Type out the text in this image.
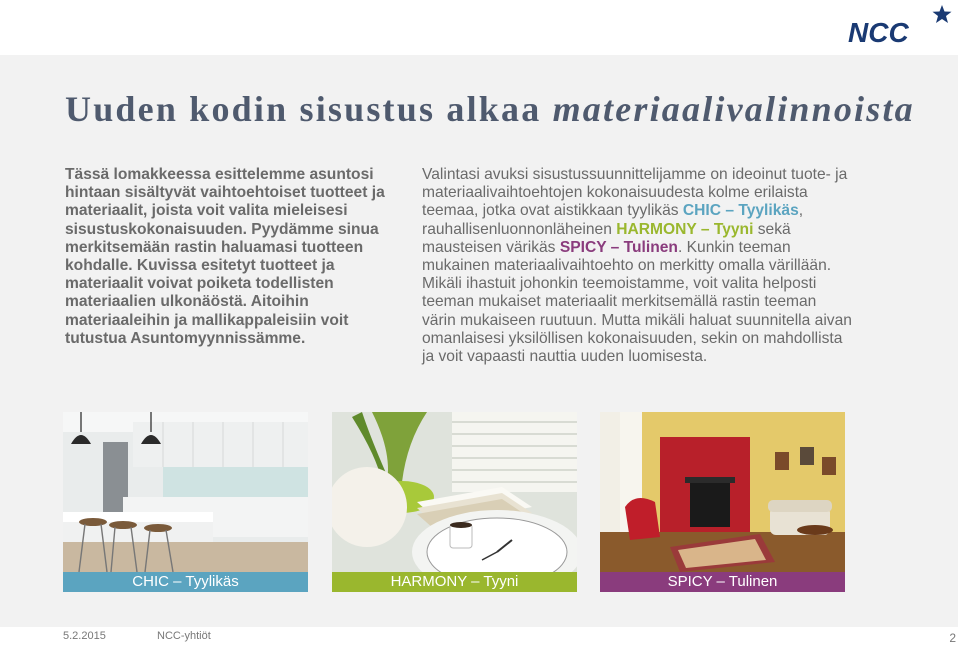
NCC
Uuden kodin sisustus alkaa materiaalivalinnoista

Tässä lomakkeessa esittelemme asuntosi hintaan sisältyvät vaihtoehtoiset tuotteet ja materiaalit, joista voit valita mieleisesi sisustuskokonaisuuden. Pyydämme sinua merkitsemään rastin haluamasi tuotteen kohdalle. Kuvissa esitetyt tuotteet ja materiaalit voivat poiketa todellisten materiaalien ulkonäöstä. Aitoihin materiaaleihin ja mallikappaleisiin voit tutustua Asuntomyynnissämme.

Valintasi avuksi sisustussuunnittelijamme on ideoinut tuote- ja materiaalivaihtoehtojen kokonaisuudesta kolme erilaista teemaa, jotka ovat aistikkaan tyylikäs CHIC – Tyylikäs, rauhallisenluonnonläheinen HARMONY – Tyyni sekä mausteisen värikäs SPICY – Tulinen. Kunkin teeman mukainen materiaalivaihtoehto on merkitty omalla värillään. Mikäli ihastuit johonkin teemoistamme, voit valita helposti teeman mukaiset materiaalit merkitsemällä rastin teeman värin mukaiseen ruutuun. Mutta mikäli haluat suunnitella aivan omanlaisesi yksilöllisen kokonaisuuden, sekin on mahdollista ja voit vapaasti nauttia uuden luomisesta.

CHIC – Tyylikäs	HARMONY – Tyyni	SPICY – Tulinen
5.2.2015	NCC-yhtiöt	2
